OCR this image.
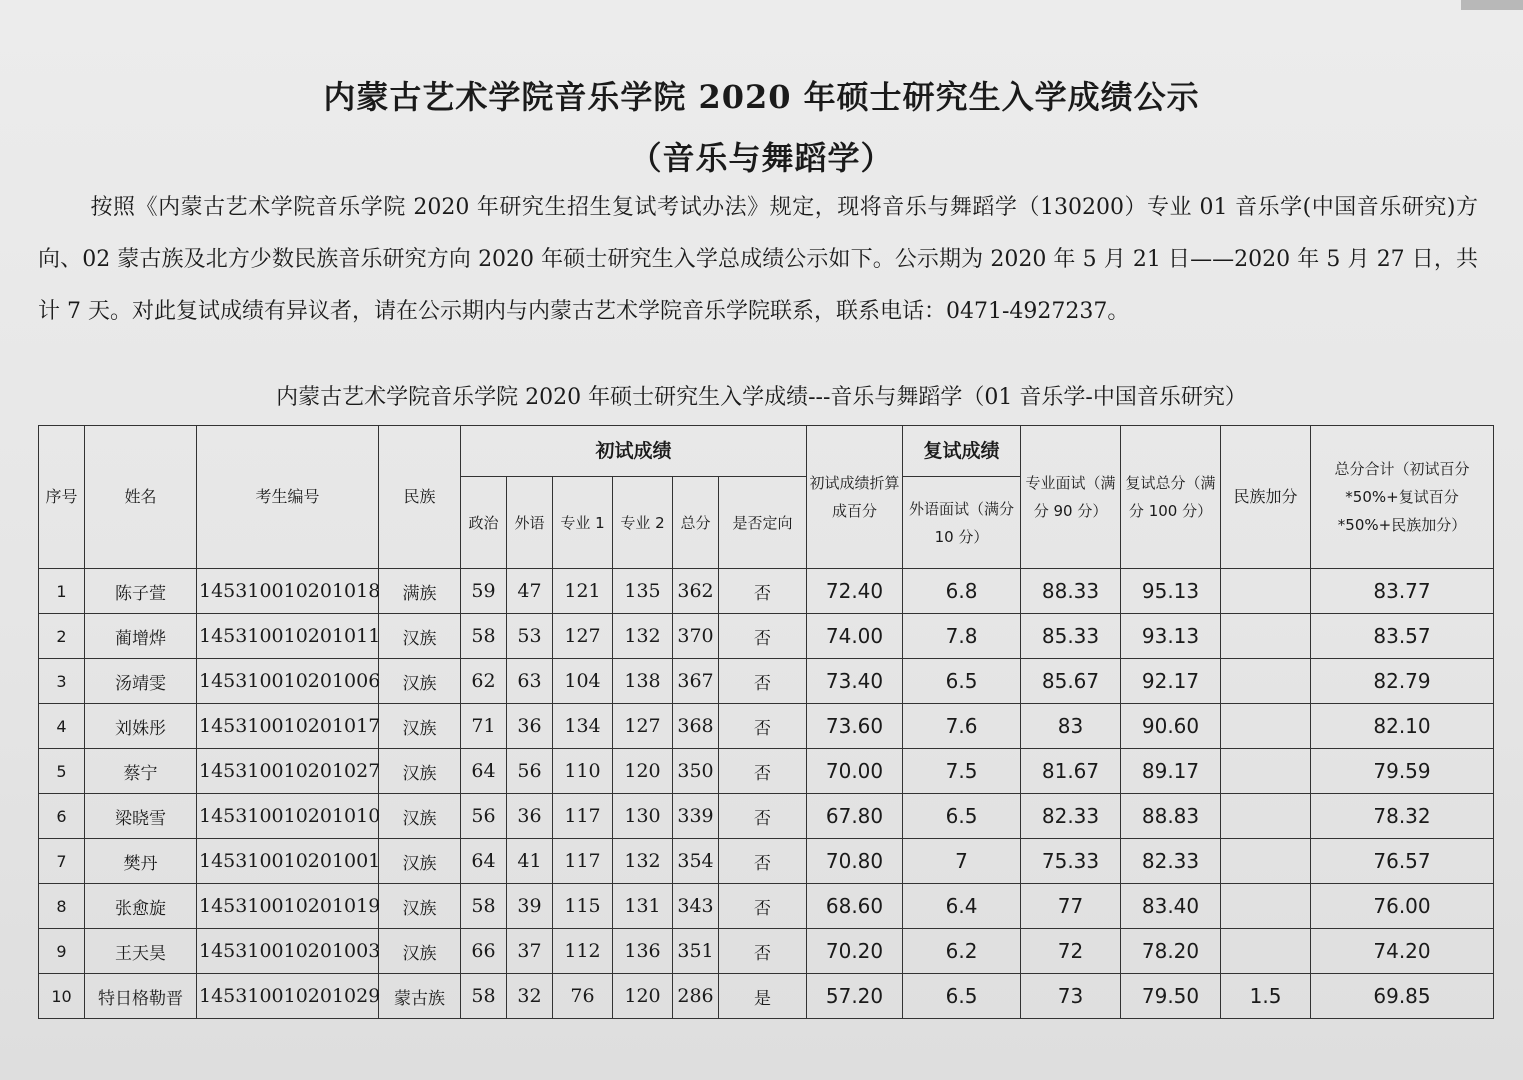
内蒙古艺术学院音乐学院 2020 年硕士研究生入学成绩公示
（音乐与舞蹈学）
按照《内蒙古艺术学院音乐学院 2020 年研究生招生复试考试办法》规定，现将音乐与舞蹈学（130200）专业 01 音乐学(中国音乐研究)方向、02 蒙古族及北方少数民族音乐研究方向 2020 年硕士研究生入学总成绩公示如下。公示期为 2020 年 5 月 21 日——2020 年 5 月 27 日，共计 7 天。对此复试成绩有异议者，请在公示期内与内蒙古艺术学院音乐学院联系，联系电话：0471-4927237。
内蒙古艺术学院音乐学院 2020 年硕士研究生入学成绩---音乐与舞蹈学（01 音乐学-中国音乐研究）
序号	姓名	考生编号	民族	初试成绩						初试成绩折算成百分	复试成绩	专业面试（满分 90 分）	复试总分（满分 100 分）	民族加分	总分合计（初试百分*50%+复试百分*50%+民族加分）
				政治	外语	专业 1	专业 2	总分	是否定向		外语面试（满分 10 分）				
1	陈子萱	145310010201018	满族	59	47	121	135	362	否	72.40	6.8	88.33	95.13		83.77
2	蔺增烨	145310010201011	汉族	58	53	127	132	370	否	74.00	7.8	85.33	93.13		83.57
3	汤靖雯	145310010201006	汉族	62	63	104	138	367	否	73.40	6.5	85.67	92.17		82.79
4	刘姝彤	145310010201017	汉族	71	36	134	127	368	否	73.60	7.6	83	90.60		82.10
5	蔡宁	145310010201027	汉族	64	56	110	120	350	否	70.00	7.5	81.67	89.17		79.59
6	梁晓雪	145310010201010	汉族	56	36	117	130	339	否	67.80	6.5	82.33	88.83		78.32
7	樊丹	145310010201001	汉族	64	41	117	132	354	否	70.80	7	75.33	82.33		76.57
8	张愈旋	145310010201019	汉族	58	39	115	131	343	否	68.60	6.4	77	83.40		76.00
9	王天昊	145310010201003	汉族	66	37	112	136	351	否	70.20	6.2	72	78.20		74.20
10	特日格勒晋	145310010201029	蒙古族	58	32	76	120	286	是	57.20	6.5	73	79.50	1.5	69.85
